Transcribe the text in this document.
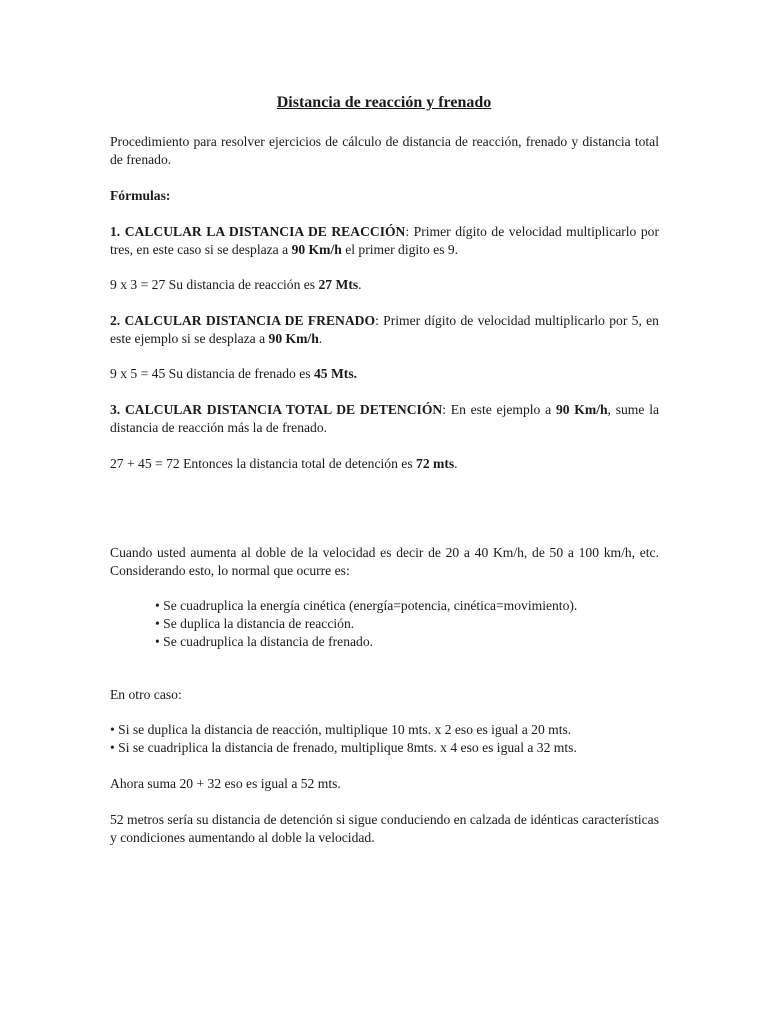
Distancia de reacción y frenado

Procedimiento para resolver ejercicios de cálculo de distancia de reacción, frenado y distancia total de frenado.

Fórmulas:

1. CALCULAR LA DISTANCIA DE REACCIÓN: Primer dígito de velocidad multiplicarlo por tres, en este caso si se desplaza a 90 Km/h el primer digito es 9.

9 x 3 = 27 Su distancia de reacción es 27 Mts.

2. CALCULAR DISTANCIA DE FRENADO: Primer dígito de velocidad multiplicarlo por 5, en este ejemplo si se desplaza a 90 Km/h.

9 x 5 = 45 Su distancia de frenado es 45 Mts.

3. CALCULAR DISTANCIA TOTAL DE DETENCIÓN: En este ejemplo a 90 Km/h, sume la distancia de reacción más la de frenado.

27 + 45 = 72 Entonces la distancia total de detención es 72 mts.

Cuando usted aumenta al doble de la velocidad es decir de 20 a 40 Km/h, de 50 a 100 km/h, etc. Considerando esto, lo normal que ocurre es:

• Se cuadruplica la energía cinética (energía=potencia, cinética=movimiento).
• Se duplica la distancia de reacción.
• Se cuadruplica la distancia de frenado.

En otro caso:

• Si se duplica la distancia de reacción, multiplique 10 mts. x 2 eso es igual a 20 mts.
• Si se cuadriplica la distancia de frenado, multiplique 8mts. x 4 eso es igual a 32 mts.

Ahora suma 20 + 32 eso es igual a 52 mts.

52 metros sería su distancia de detención si sigue conduciendo en calzada de idénticas características y condiciones aumentando al doble la velocidad.
